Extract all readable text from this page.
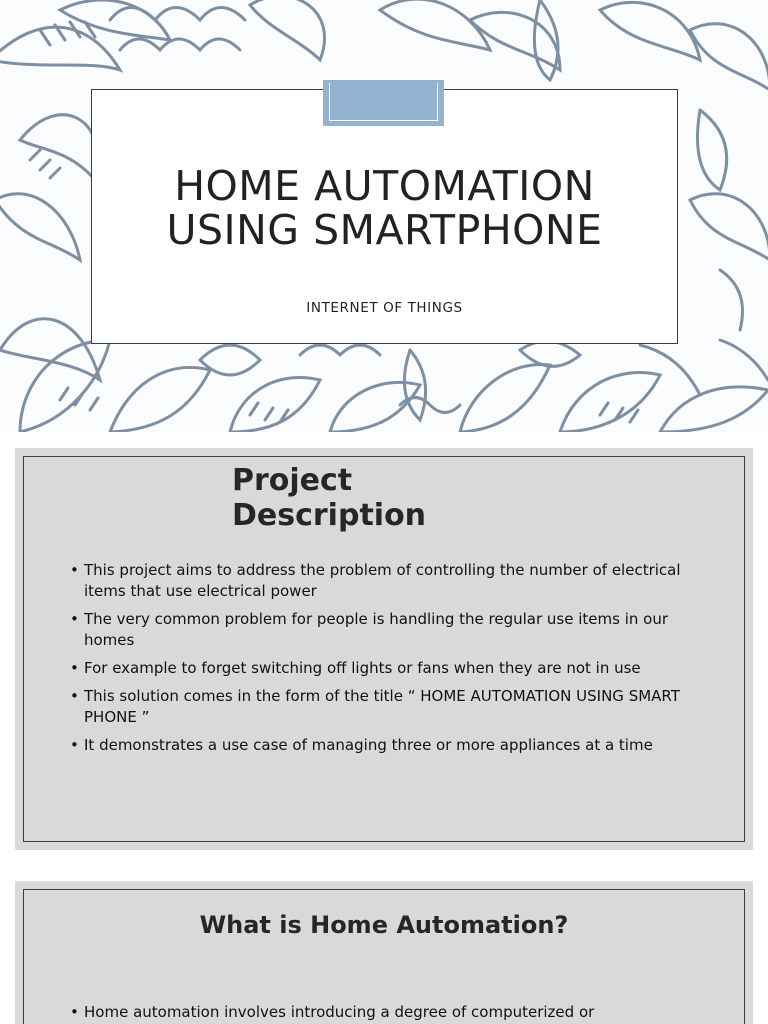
HOME AUTOMATION
USING SMARTPHONE
INTERNET OF THINGS
Project
Description
• This project aims to address the problem of controlling the number of electrical items that use electrical power
• The very common problem for people is handling the regular use items in our homes
• For example to forget switching off lights or fans when they are not in use
• This solution comes in the form of the title “ HOME AUTOMATION USING SMART PHONE ”
• It demonstrates a use case of managing three or more appliances at a time
What is Home Automation?
• Home automation involves introducing a degree of computerized or
